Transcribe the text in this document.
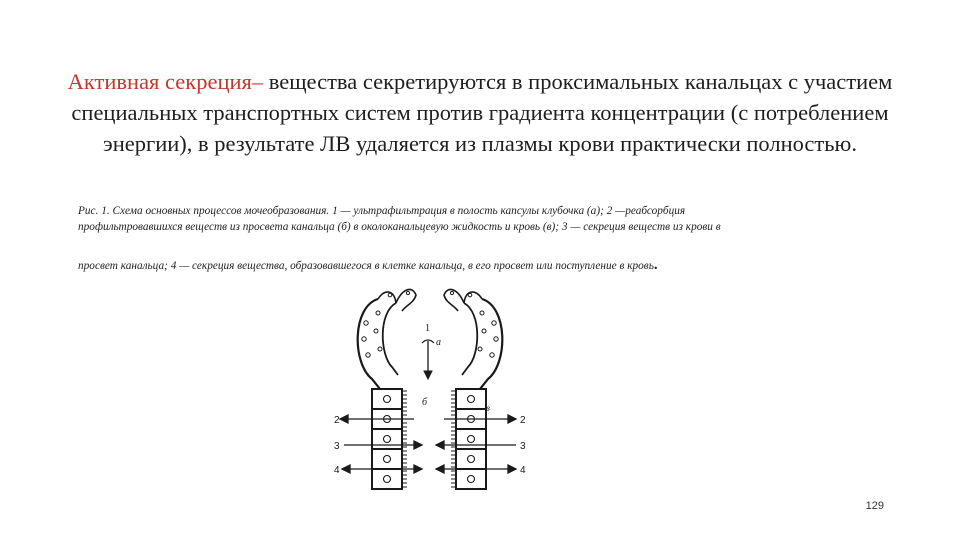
Активная секреция– вещества секретируются в проксимальных канальцах с участием специальных транспортных систем против градиента концентрации (с потреблением энергии), в результате ЛВ удаляется из плазмы крови практически полностью.
Рис. 1. Схема основных процессов мочеобразования. 1 — ультрафильтрация в полость капсулы клубочка (а); 2 —реабсорбция
профильтровавшихся веществ из просвета канальца (б) в околоканальцевую жидкость и кровь (в); 3 — секреция веществ из крови в
просвет канальца; 4 — секреция вещества, образовавшегося в клетке канальца, в его просвет или поступление в кровь.
1
а
б	в
2
3
4
2
3
4
129
